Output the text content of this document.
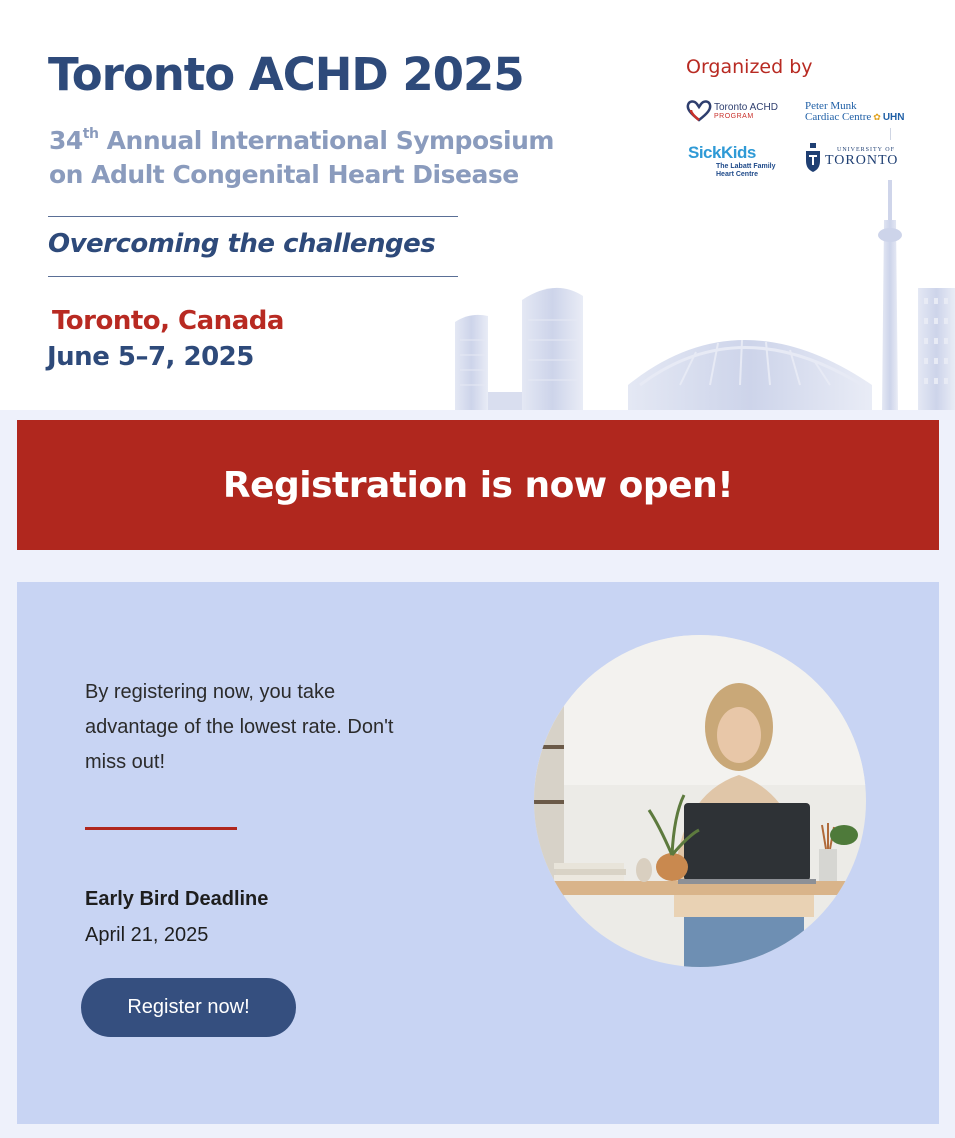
Toronto ACHD 2025
34th Annual International Symposium
on Adult Congenital Heart Disease
Overcoming the challenges
Toronto, Canada
June 5–7, 2025
Organized by
Toronto ACHD
PROGRAM
Peter Munk
Cardiac Centre ✿ UHN
SickKids
The Labatt Family
Heart Centre
UNIVERSITY OF
TORONTO
Registration is now open!
By registering now, you take advantage of the lowest rate. Don't miss out!
Early Bird Deadline
April 21, 2025
Register now!
